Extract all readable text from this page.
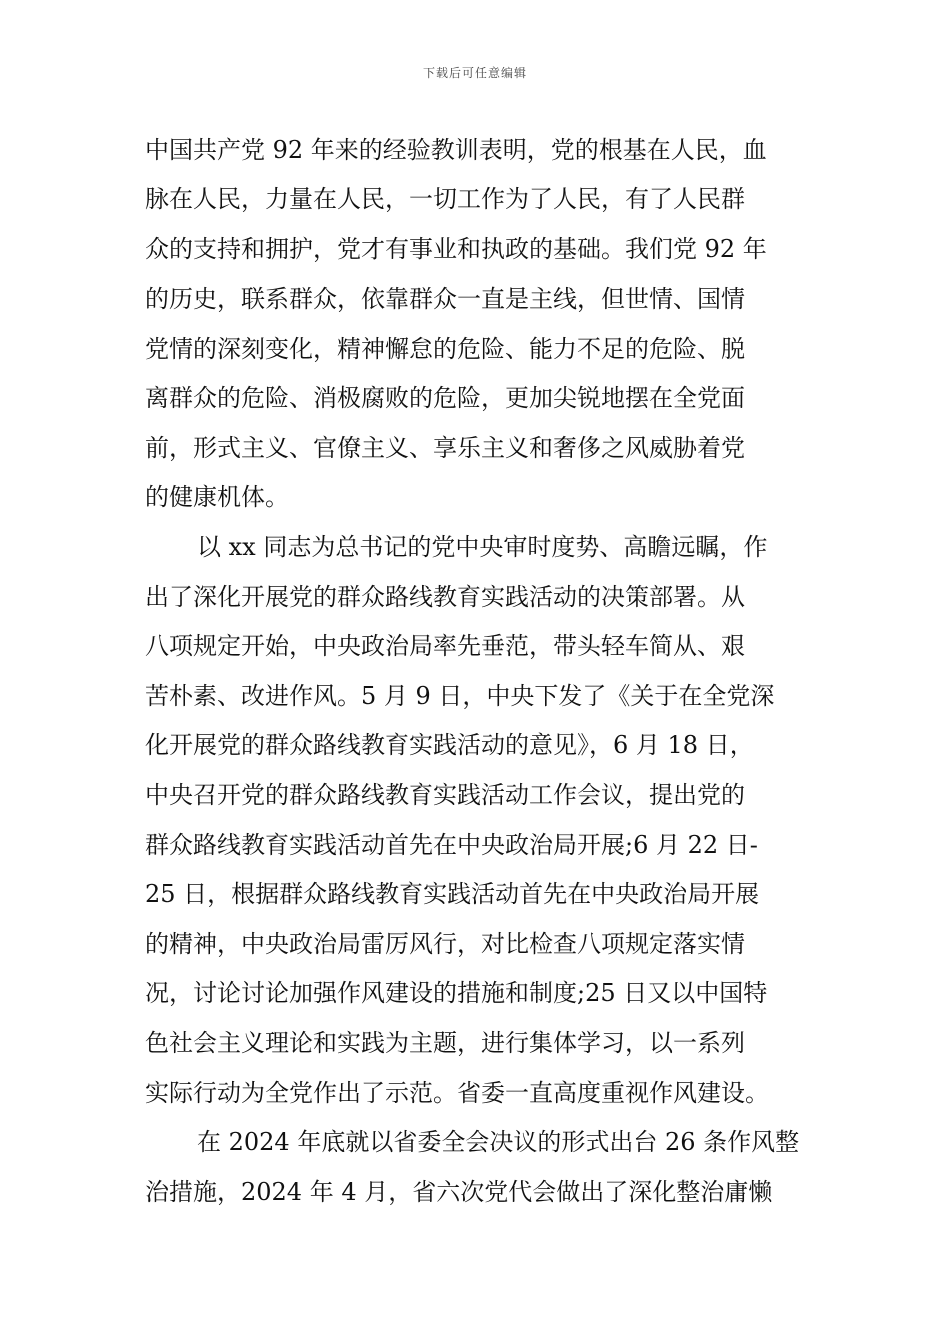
下载后可任意编辑
中国共产党 92 年来的经验教训表明，党的根基在人民，血
脉在人民，力量在人民，一切工作为了人民，有了人民群
众的支持和拥护，党才有事业和执政的基础。我们党 92 年
的历史，联系群众，依靠群众一直是主线，但世情、国情
党情的深刻变化，精神懈怠的危险、能力不足的危险、脱
离群众的危险、消极腐败的危险，更加尖锐地摆在全党面
前，形式主义、官僚主义、享乐主义和奢侈之风威胁着党
的健康机体。
以 xx 同志为总书记的党中央审时度势、高瞻远瞩，作
出了深化开展党的群众路线教育实践活动的决策部署。从
八项规定开始，中央政治局率先垂范，带头轻车简从、艰
苦朴素、改进作风。5 月 9 日，中央下发了《关于在全党深
化开展党的群众路线教育实践活动的意见》，6 月 18 日，
中央召开党的群众路线教育实践活动工作会议，提出党的
群众路线教育实践活动首先在中央政治局开展;6 月 22 日-
25 日，根据群众路线教育实践活动首先在中央政治局开展
的精神，中央政治局雷厉风行，对比检查八项规定落实情
况，讨论讨论加强作风建设的措施和制度;25 日又以中国特
色社会主义理论和实践为主题，进行集体学习，以一系列
实际行动为全党作出了示范。省委一直高度重视作风建设。
在 2024 年底就以省委全会决议的形式出台 26 条作风整
治措施，2024 年 4 月，省六次党代会做出了深化整治庸懒
